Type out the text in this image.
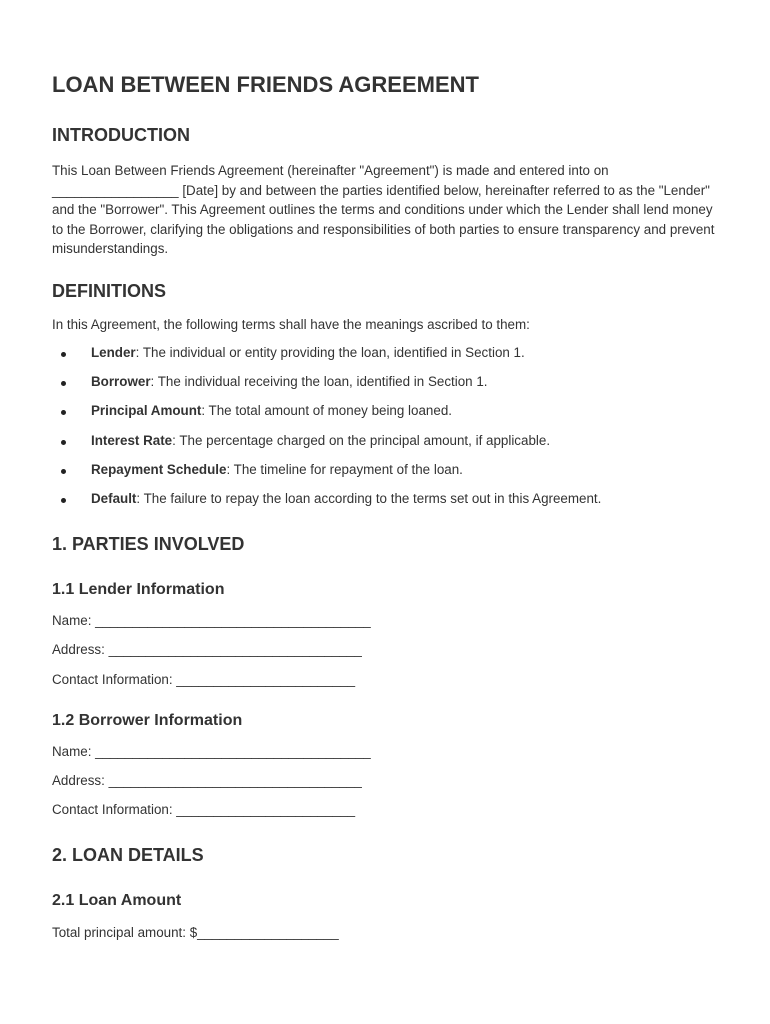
LOAN BETWEEN FRIENDS AGREEMENT
INTRODUCTION

This Loan Between Friends Agreement (hereinafter "Agreement") is made and entered into on _________________ [Date] by and between the parties identified below, hereinafter referred to as the "Lender" and the "Borrower". This Agreement outlines the terms and conditions under which the Lender shall lend money to the Borrower, clarifying the obligations and responsibilities of both parties to ensure transparency and prevent misunderstandings.

DEFINITIONS

In this Agreement, the following terms shall have the meanings ascribed to them:

Lender: The individual or entity providing the loan, identified in Section 1.
Borrower: The individual receiving the loan, identified in Section 1.
Principal Amount: The total amount of money being loaned.
Interest Rate: The percentage charged on the principal amount, if applicable.
Repayment Schedule: The timeline for repayment of the loan.
Default: The failure to repay the loan according to the terms set out in this Agreement.
1. PARTIES INVOLVED
1.1 Lender Information

Name: _____________________________________

Address: __________________________________

Contact Information: ________________________

1.2 Borrower Information

Name: _____________________________________

Address: __________________________________

Contact Information: ________________________

2. LOAN DETAILS
2.1 Loan Amount

Total principal amount: $___________________
